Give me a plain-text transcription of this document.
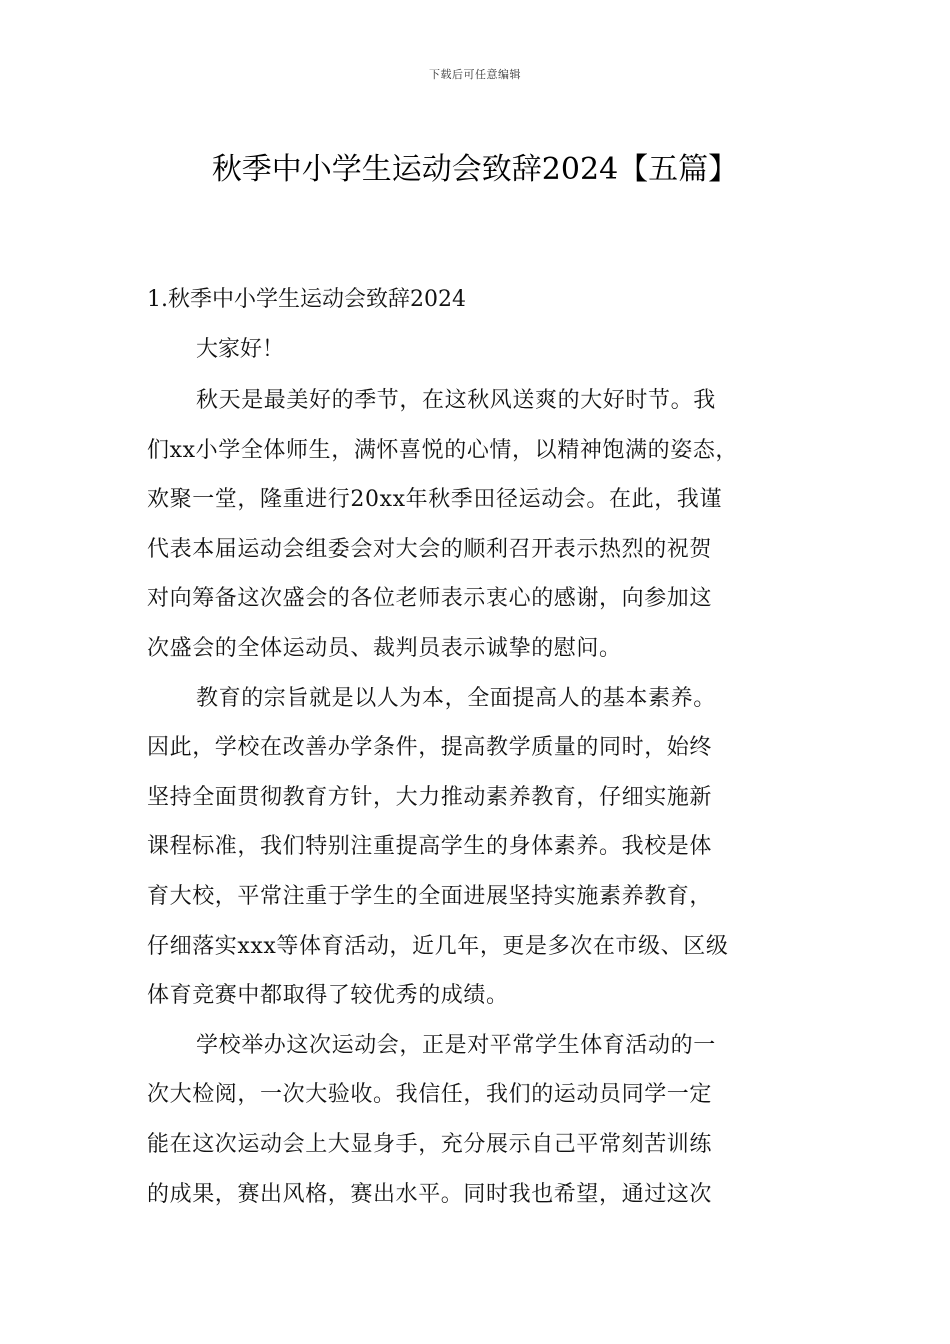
下载后可任意编辑
秋季中小学生运动会致辞2024【五篇】
1.秋季中小学生运动会致辞2024
大家好！
秋天是最美好的季节，在这秋风送爽的大好时节。我
们xx小学全体师生，满怀喜悦的心情，以精神饱满的姿态，
欢聚一堂，隆重进行20xx年秋季田径运动会。在此，我谨
代表本届运动会组委会对大会的顺利召开表示热烈的祝贺
对向筹备这次盛会的各位老师表示衷心的感谢，向参加这
次盛会的全体运动员、裁判员表示诚挚的慰问。
教育的宗旨就是以人为本，全面提高人的基本素养。
因此，学校在改善办学条件，提高教学质量的同时，始终
坚持全面贯彻教育方针，大力推动素养教育，仔细实施新
课程标准，我们特别注重提高学生的身体素养。我校是体
育大校，平常注重于学生的全面进展坚持实施素养教育，
仔细落实xxx等体育活动，近几年，更是多次在市级、区级
体育竞赛中都取得了较优秀的成绩。
学校举办这次运动会，正是对平常学生体育活动的一
次大检阅，一次大验收。我信任，我们的运动员同学一定
能在这次运动会上大显身手，充分展示自己平常刻苦训练
的成果，赛出风格，赛出水平。同时我也希望，通过这次
